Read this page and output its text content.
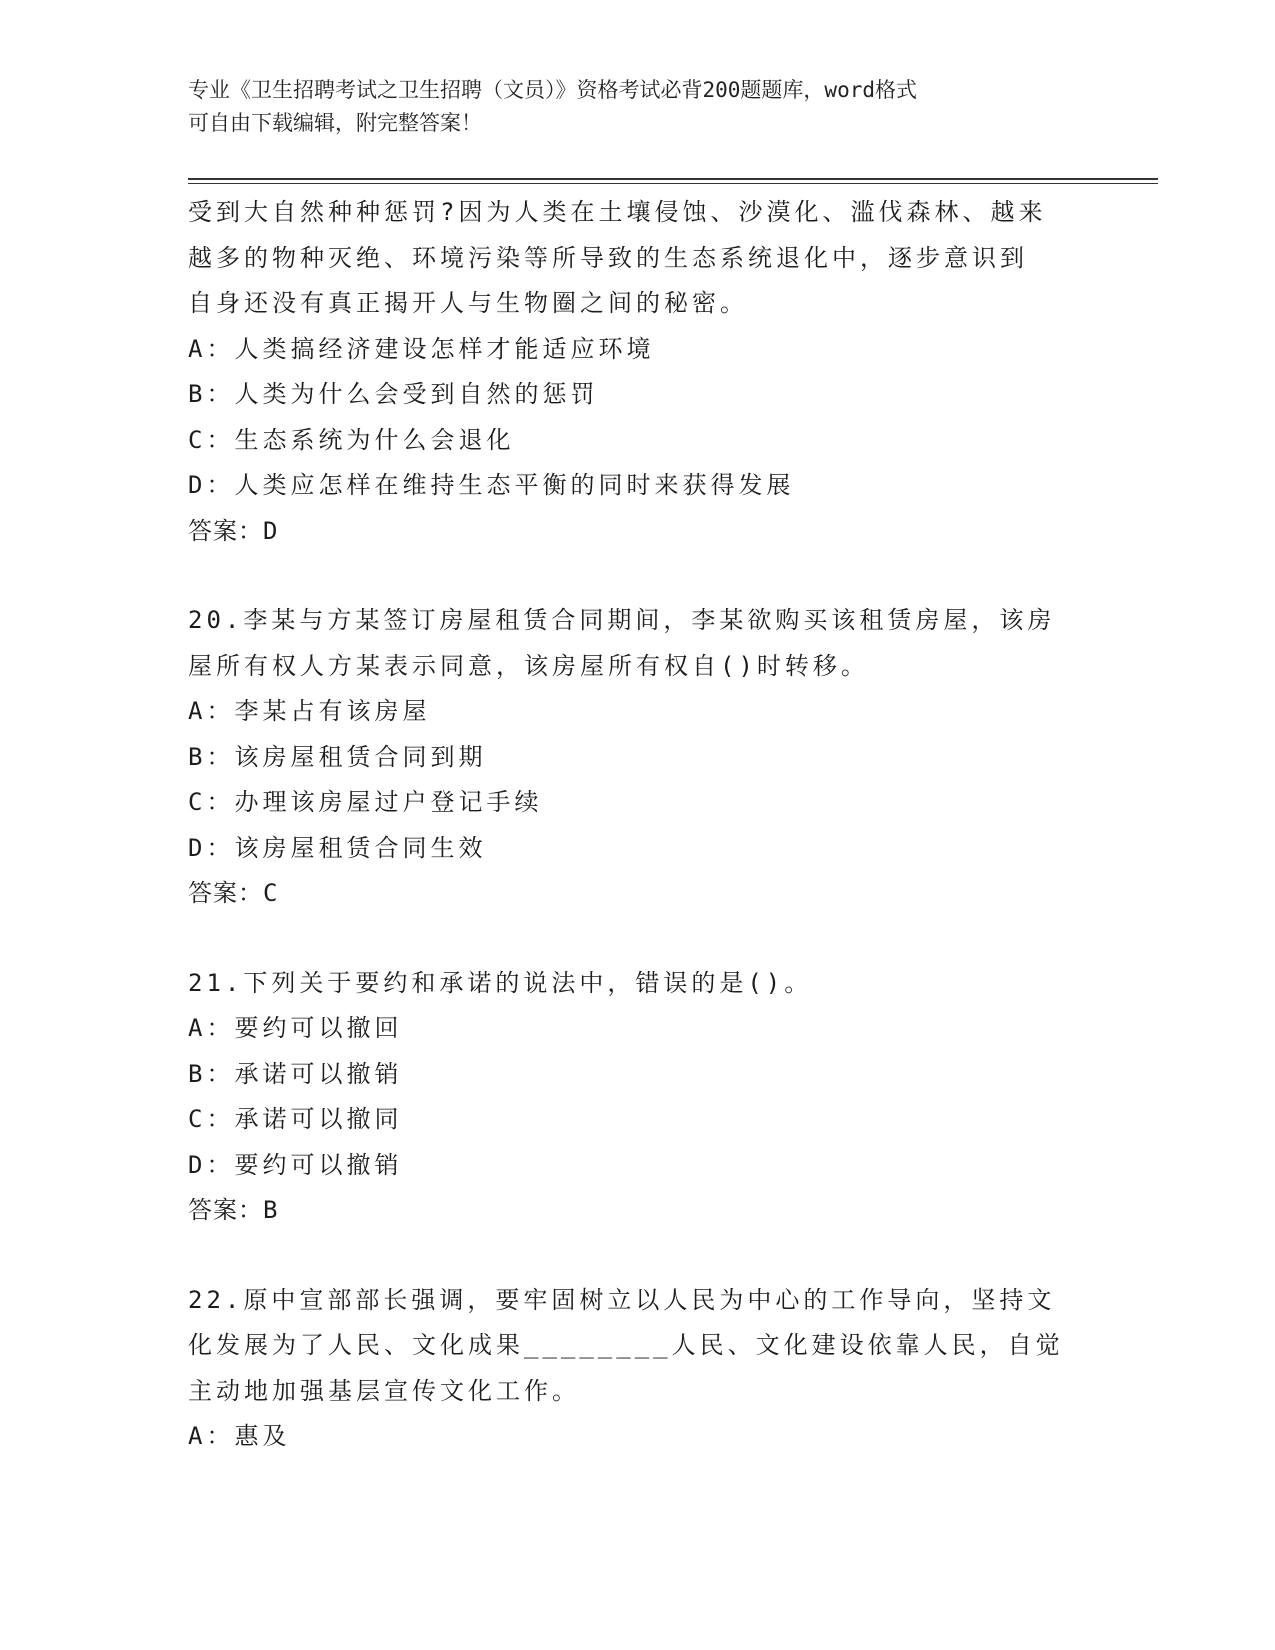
专业《卫生招聘考试之卫生招聘（文员）》资格考试必背200题题库，word格式
可自由下载编辑，附完整答案！
受到大自然种种惩罚?因为人类在土壤侵蚀、沙漠化、滥伐森林、越来
越多的物种灭绝、环境污染等所导致的生态系统退化中，逐步意识到
自身还没有真正揭开人与生物圈之间的秘密。
A：人类搞经济建设怎样才能适应环境
B：人类为什么会受到自然的惩罚
C：生态系统为什么会退化
D：人类应怎样在维持生态平衡的同时来获得发展
答案：D
20.李某与方某签订房屋租赁合同期间，李某欲购买该租赁房屋，该房
屋所有权人方某表示同意，该房屋所有权自()时转移。
A：李某占有该房屋
B：该房屋租赁合同到期
C：办理该房屋过户登记手续
D：该房屋租赁合同生效
答案：C
21.下列关于要约和承诺的说法中，错误的是()。
A：要约可以撤回
B：承诺可以撤销
C：承诺可以撤同
D：要约可以撤销
答案：B
22.原中宣部部长强调，要牢固树立以人民为中心的工作导向，坚持文
化发展为了人民、文化成果________人民、文化建设依靠人民，自觉
主动地加强基层宣传文化工作。
A：惠及
